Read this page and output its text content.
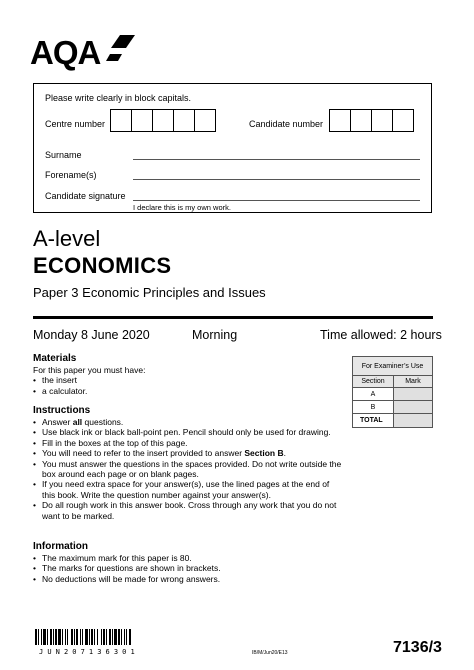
AQA
Please write clearly in block capitals.
Centre number	Candidate number
Surname
Forename(s)
Candidate signature
I declare this is my own work.
A-level
ECONOMICS
Paper 3 Economic Principles and Issues
Monday 8 June 2020	Morning	Time allowed: 2 hours
Materials
For this paper you must have:
• the insert
• a calculator.
Instructions
• Answer all questions.
• Use black ink or black ball-point pen. Pencil should only be used for drawing.
• Fill in the boxes at the top of this page.
• You will need to refer to the insert provided to answer Section B.
• You must answer the questions in the spaces provided. Do not write outside the box around each page or on blank pages.
• If you need extra space for your answer(s), use the lined pages at the end of this book. Write the question number against your answer(s).
• Do all rough work in this answer book. Cross through any work that you do not want to be marked.
Information
• The maximum mark for this paper is 80.
• The marks for questions are shown in brackets.
• No deductions will be made for wrong answers.
For Examiner’s Use	
Section	Mark
A	
B	
TOTAL	
JUN207136301	IB/M/Jun20/E13	7136/3
